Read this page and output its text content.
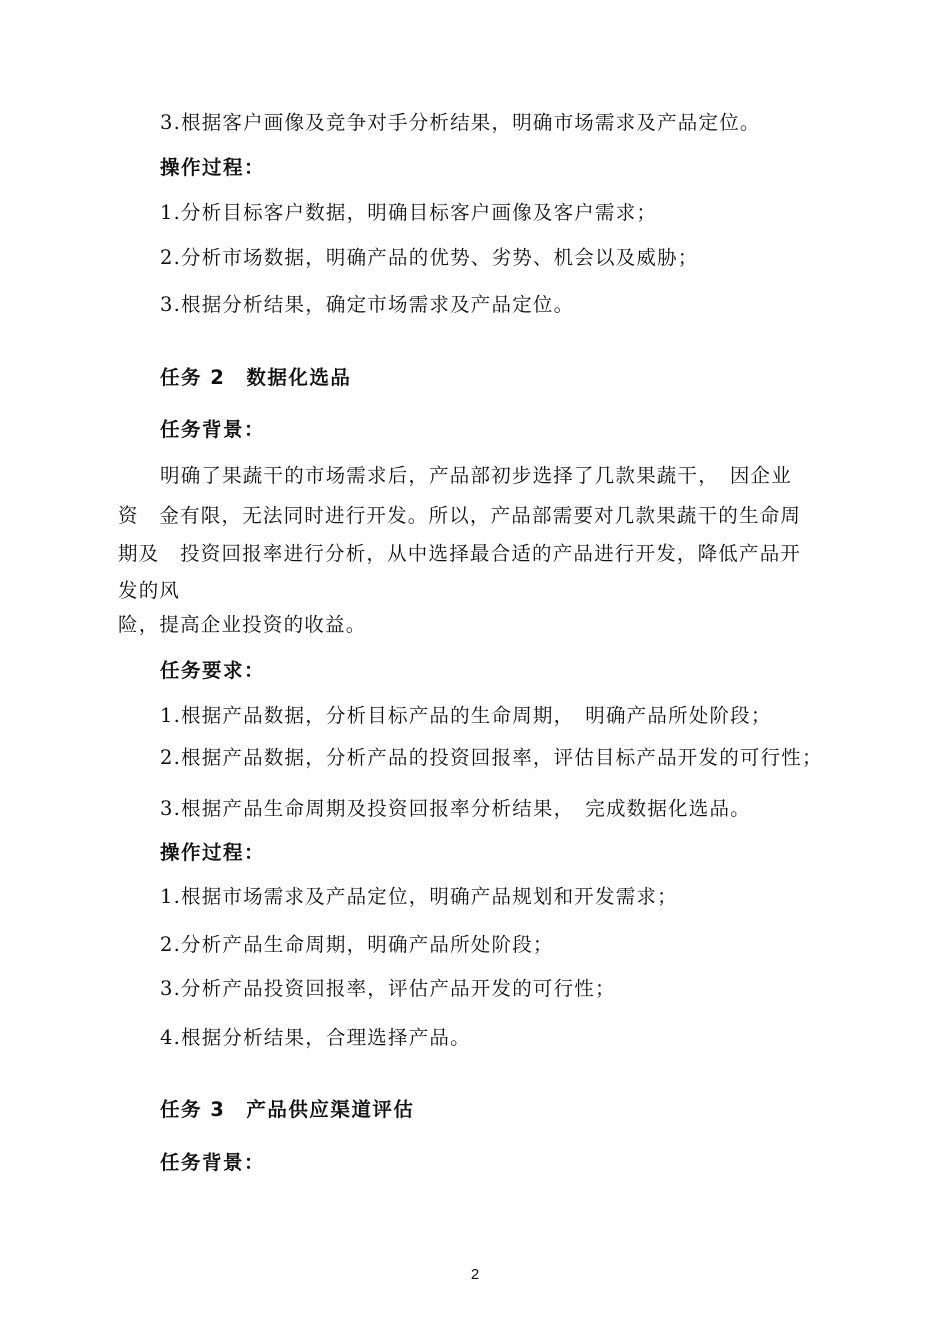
3.根据客户画像及竞争对手分析结果，明确市场需求及产品定位。
操作过程：
1.分析目标客户数据，明确目标客户画像及客户需求；
2.分析市场数据，明确产品的优势、劣势、机会以及威胁；
3.根据分析结果，确定市场需求及产品定位。
任务 2　数据化选品
任务背景：
明确了果蔬干的市场需求后，产品部初步选择了几款果蔬干，　因企业
资　金有限，无法同时进行开发。所以，产品部需要对几款果蔬干的生命周
期及　投资回报率进行分析，从中选择最合适的产品进行开发，降低产品开
发的风
险，提高企业投资的收益。
任务要求：
1.根据产品数据，分析目标产品的生命周期，　明确产品所处阶段；
2.根据产品数据，分析产品的投资回报率，评估目标产品开发的可行性；
3.根据产品生命周期及投资回报率分析结果，　完成数据化选品。
操作过程：
1.根据市场需求及产品定位，明确产品规划和开发需求；
2.分析产品生命周期，明确产品所处阶段；
3.分析产品投资回报率，评估产品开发的可行性；
4.根据分析结果，合理选择产品。
任务 3　产品供应渠道评估
任务背景：
2
